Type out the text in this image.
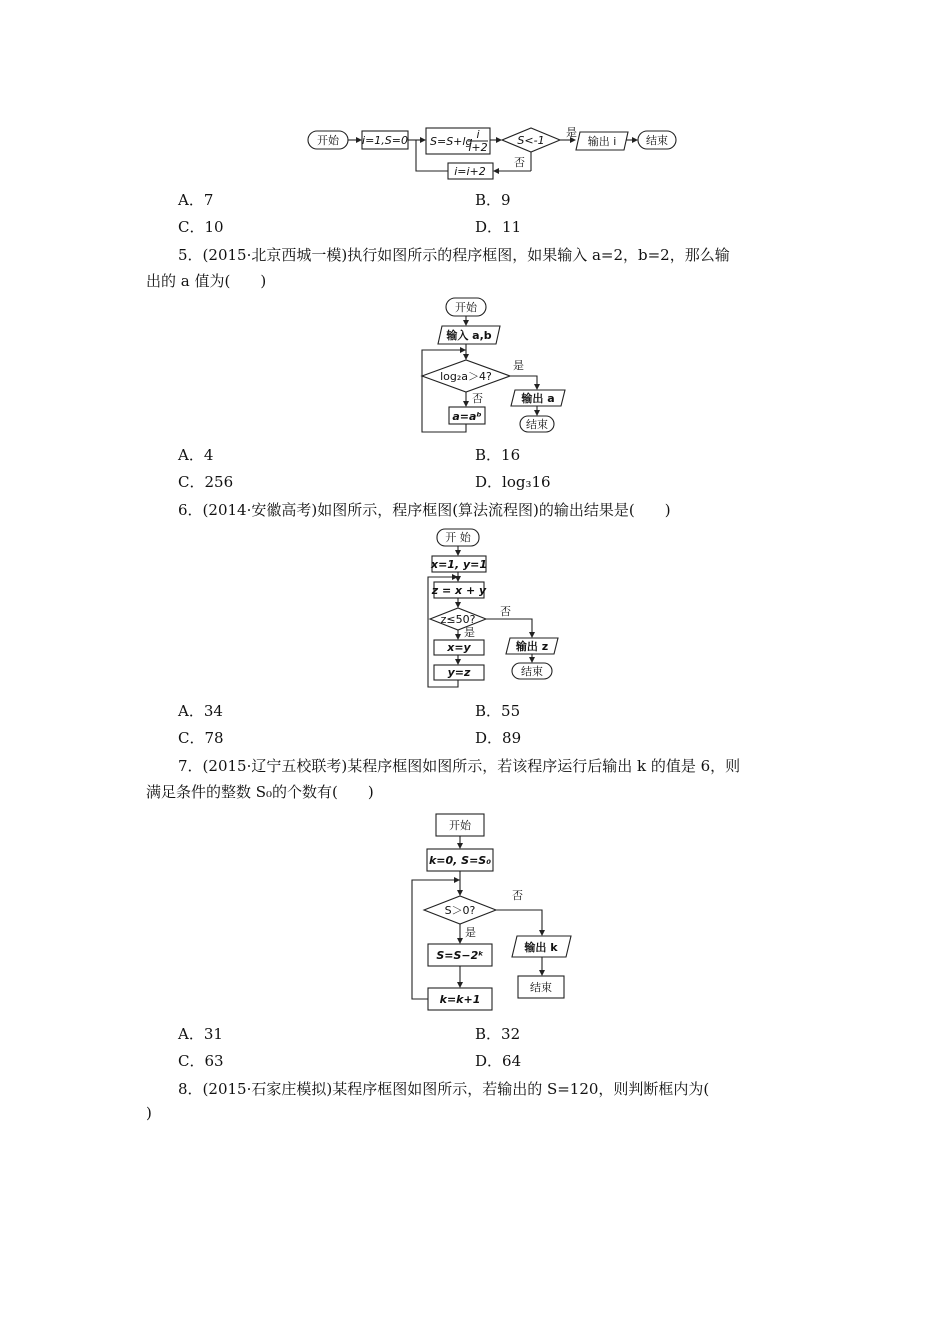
开始 i=1,S=0 S=S+lg
i
i+2
S<-1
是
输出 i	结束
否
i=i+2
A．7	B．9
C．10	D．11
5．(2015·北京西城一模)执行如图所示的程序框图，如果输入 a=2，b=2，那么输
出的 a 值为(　　)
开始
输入 a,b
log₂a＞4?
是
输出 a
结束
否
a=aᵇ
A．4	B．16
C．256	D．log₃16
6．(2014·安徽高考)如图所示，程序框图(算法流程图)的输出结果是(　　)
开 始
x=1, y=1
z = x + y
z≤50?
否
输出 z
结束
是
x=y
y=z
A．34	B．55
C．78	D．89
7．(2015·辽宁五校联考)某程序框图如图所示，若该程序运行后输出 k 的值是 6，则
满足条件的整数 S₀的个数有(　　)
开始
k=0, S=S₀
S＞0?
否
输出 k
结束
是
S=S−2ᵏ
k=k+1
A．31	B．32
C．63	D．64
8．(2015·石家庄模拟)某程序框图如图所示，若输出的 S=120，则判断框内为(
)
